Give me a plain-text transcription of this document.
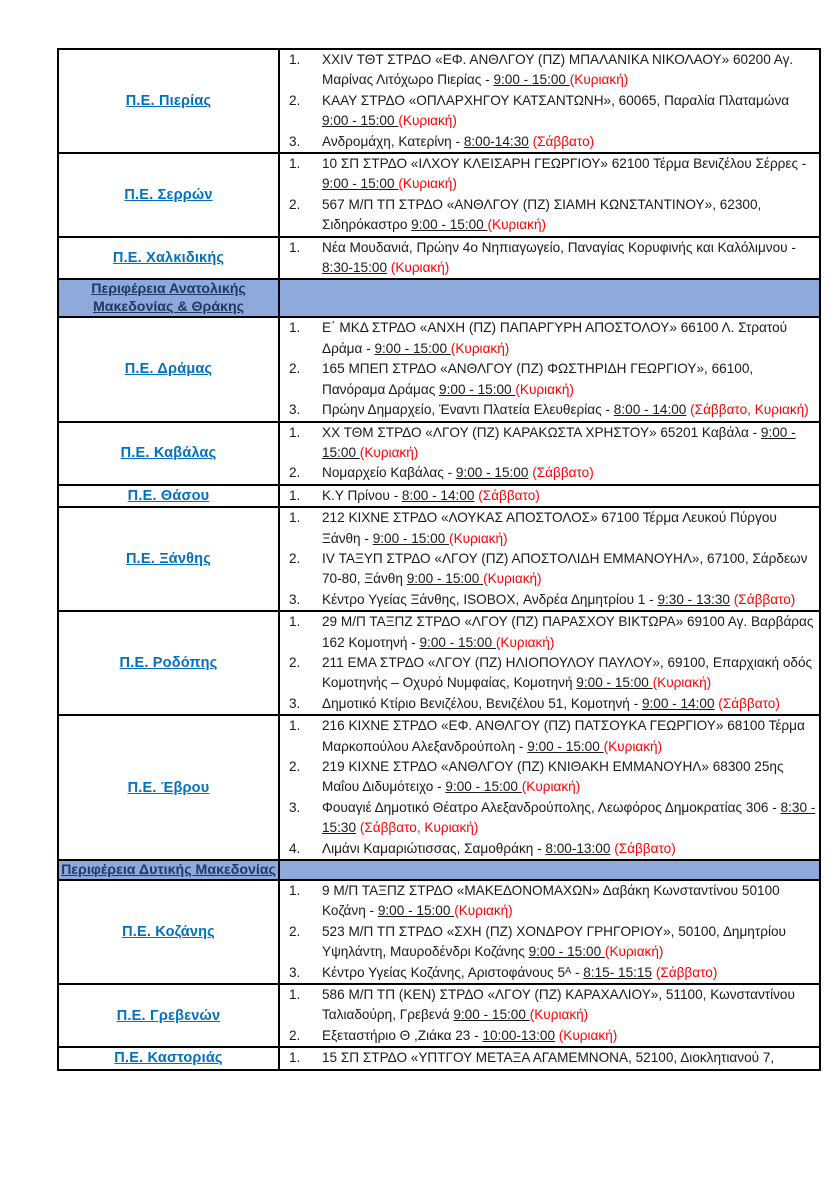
Π.Ε. Πιερίας	
1.	XXIV ΤΘΤ ΣΤΡΔΟ «ΕΦ. ΑΝΘΛΓΟΥ (ΠΖ) ΜΠΑΛΑΝΙΚΑ ΝΙΚΟΛΑΟΥ» 60200 Αγ. Μαρίνας Λιτόχωρο Πιερίας - 9:00 - 15:00 (Κυριακή)
2.	ΚΑΑΥ ΣΤΡΔΟ «ΟΠΛΑΡΧΗΓΟΥ ΚΑΤΣΑΝΤΩΝΗ», 60065, Παραλία Πλαταμώνα 9:00 - 15:00 (Κυριακή)
3.	Ανδρομάχη, Κατερίνη - 8:00-14:30 (Σάββατο)

Π.Ε. Σερρών	1. 10 ΣΠ ΣΤΡΔΟ «ΙΛΧΟΥ ΚΛΕΙΣΑΡΗ ΓΕΩΡΓΙΟΥ» 62100 Τέρμα Βενιζέλου Σέρρες - 9:00 - 15:00 (Κυριακή)
2. 567 Μ/Π ΤΠ ΣΤΡΔΟ «ΑΝΘΛΓΟΥ (ΠΖ) ΣΙΑΜΗ ΚΩΝΣΤΑΝΤΙΝΟΥ», 62300, Σιδηρόκαστρο 9:00 - 15:00 (Κυριακή)

Π.Ε. Χαλκιδικής	1. Νέα Μουδανιά, Πρώην 4ο Νηπιαγωγείο, Παναγίας Κορυφινής και Καλόλιμνου - 8:30-15:00 (Κυριακή)

Περιφέρεια Ανατολικής Μακεδονίας & Θράκης	
Π.Ε. Δράμας	
1.	Ε΄ ΜΚΔ ΣΤΡΔΟ «ΑΝΧΗ (ΠΖ) ΠΑΠΑΡΓΥΡΗ ΑΠΟΣΤΟΛΟΥ» 66100 Λ. Στρατού Δράμα - 9:00 - 15:00 (Κυριακή)
2.	165 ΜΠΕΠ ΣΤΡΔΟ «ΑΝΘΛΓΟΥ (ΠΖ) ΦΩΣΤΗΡΙΔΗ ΓΕΩΡΓΙΟΥ», 66100, Πανόραμα Δράμας 9:00 - 15:00 (Κυριακή)
3.	Πρώην Δημαρχείο, Έναντι Πλατεία Ελευθερίας - 8:00 - 14:00 (Σάββατο, Κυριακή)

Π.Ε. Καβάλας	1. ΧΧ ΤΘΜ ΣΤΡΔΟ «ΛΓΟΥ (ΠΖ) ΚΑΡΑΚΩΣΤΑ ΧΡΗΣΤΟΥ» 65201 Καβάλα - 9:00 - 15:00 (Κυριακή)
2. Νομαρχείο Καβάλας - 9:00 - 15:00 (Σάββατο)

Π.Ε. Θάσου	1. Κ.Υ Πρίνου - 8:00 - 14:00 (Σάββατο)

Π.Ε. Ξάνθης	
1.	212 ΚΙΧΝΕ ΣΤΡΔΟ «ΛΟΥΚΑΣ ΑΠΟΣΤΟΛΟΣ» 67100 Τέρμα Λευκού Πύργου Ξάνθη - 9:00 - 15:00 (Κυριακή)
2.	IV ΤΑΞΥΠ ΣΤΡΔΟ «ΛΓΟΥ (ΠΖ) ΑΠΟΣΤΟΛΙΔΗ ΕΜΜΑΝΟΥΗΛ», 67100, Σάρδεων 70-80, Ξάνθη 9:00 - 15:00 (Κυριακή)
3.	Κέντρο Υγείας Ξάνθης, ISOBOX, Ανδρέα Δημητρίου 1 - 9:30 - 13:30 (Σάββατο)

Π.Ε. Ροδόπης	
1.	29 Μ/Π ΤΑΞΠΖ ΣΤΡΔΟ «ΛΓΟΥ (ΠΖ) ΠΑΡΑΣΧΟΥ ΒΙΚΤΩΡΑ» 69100 Αγ. Βαρβάρας 162 Κομοτηνή - 9:00 - 15:00 (Κυριακή)
2.	211 ΕΜΑ ΣΤΡΔΟ «ΛΓΟΥ (ΠΖ) ΗΛΙΟΠΟΥΛΟΥ ΠΑΥΛΟΥ», 69100, Επαρχιακή οδός Κομοτηνής – Οχυρό Νυμφαίας, Κομοτηνή 9:00 - 15:00 (Κυριακή)
3.	Δημοτικό Κτίριο Βενιζέλου, Βενιζέλου 51, Κομοτηνή - 9:00 - 14:00 (Σάββατο)

Π.Ε. Έβρου	
1.	216 ΚΙΧΝΕ ΣΤΡΔΟ «ΕΦ. ΑΝΘΛΓΟΥ (ΠΖ) ΠΑΤΣΟΥΚΑ ΓΕΩΡΓΙΟΥ» 68100 Τέρμα Μαρκοπούλου Αλεξανδρούπολη - 9:00 - 15:00 (Κυριακή)
2.	219 ΚΙΧΝΕ ΣΤΡΔΟ «ΑΝΘΛΓΟΥ (ΠΖ) ΚΝΙΘΑΚΗ ΕΜΜΑΝΟΥΗΛ» 68300 25ης Μαΐου Διδυμότειχο - 9:00 - 15:00 (Κυριακή)
3.	Φουαγιέ Δημοτικό Θέατρο Αλεξανδρούπολης, Λεωφόρος Δημοκρατίας 306 - 8:30 - 15:30 (Σάββατο, Κυριακή)
4.	Λιμάνι Καμαριώτισσας, Σαμοθράκη - 8:00-13:00 (Σάββατο)

Περιφέρεια Δυτικής Μακεδονίας	
Π.Ε. Κοζάνης	
1.	9 Μ/Π ΤΑΞΠΖ ΣΤΡΔΟ «ΜΑΚΕΔΟΝΟΜΑΧΩΝ» Δαβάκη Κωνσταντίνου 50100 Κοζάνη - 9:00 - 15:00 (Κυριακή)
2.	523 Μ/Π ΤΠ ΣΤΡΔΟ «ΣΧΗ (ΠΖ) ΧΟΝΔΡΟΥ ΓΡΗΓΟΡΙΟΥ», 50100, Δημητρίου Υψηλάντη, Μαυροδένδρι Κοζάνης 9:00 - 15:00 (Κυριακή)
3.	Κέντρο Υγείας Κοζάνης, Αριστοφάνους 5ᴬ - 8:15- 15:15 (Σάββατο)

Π.Ε. Γρεβενών	1. 586 Μ/Π ΤΠ (ΚΕΝ) ΣΤΡΔΟ «ΛΓΟΥ (ΠΖ) ΚΑΡΑΧΑΛΙΟΥ», 51100, Κωνσταντίνου Ταλιαδούρη, Γρεβενά 9:00 - 15:00 (Κυριακή)
2. Εξεταστήριο Θ ,Ζιάκα 23 - 10:00-13:00 (Κυριακή)

Π.Ε. Καστοριάς	1. 15 ΣΠ ΣΤΡΔΟ «ΥΠΤΓΟΥ ΜΕΤΑΞΑ ΑΓΑΜΕΜΝΟΝΑ, 52100, Διοκλητιανού 7,
